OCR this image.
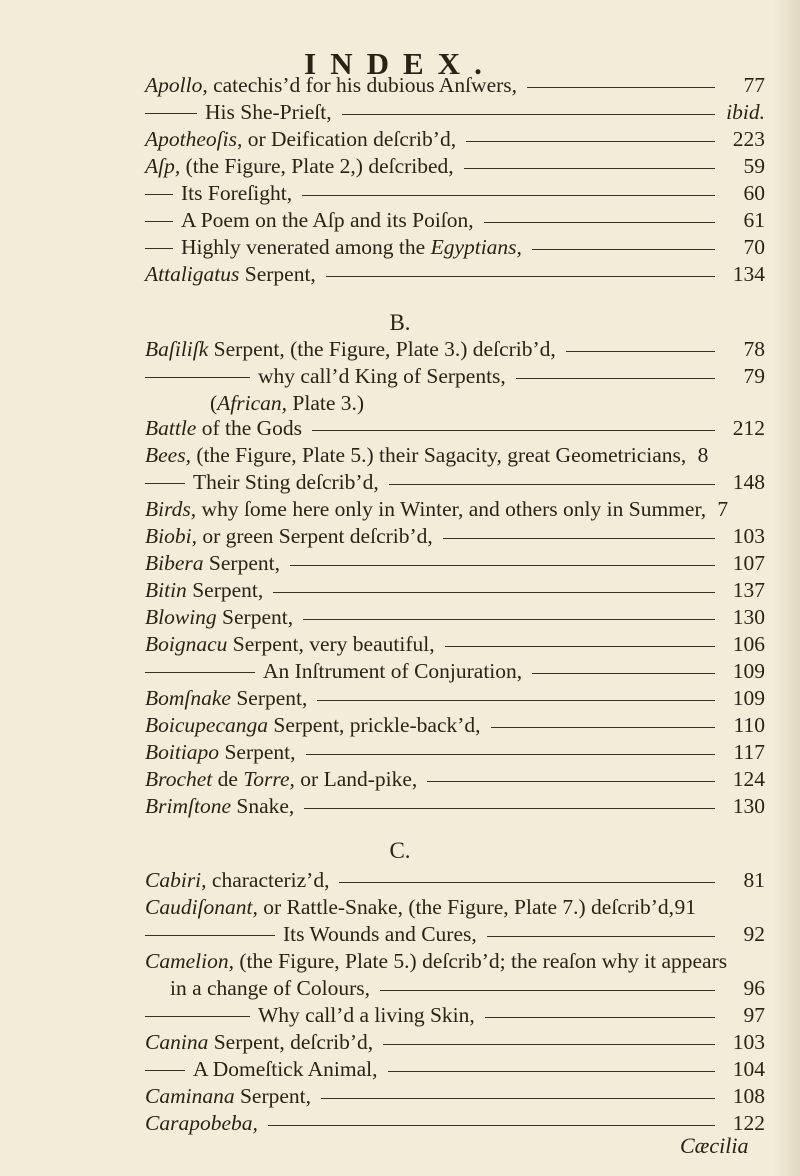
INDEX.
Apollo, catechis’d for his dubious Anſwers,	77
His She-Prieſt,	ibid.
Apotheoſis, or Deification deſcrib’d,	223
Aſp, (the Figure, Plate 2,) deſcribed,	59
Its Foreſight,	60
A Poem on the Aſp and its Poiſon,	61
Highly venerated among the Egyptians,	70
Attaligatus Serpent,	134
B.
Baſiliſk Serpent, (the Figure, Plate 3.) deſcrib’d,	78
why call’d King of Serpents,	79
(African, Plate 3.)
Battle of the Gods	212
Bees, (the Figure, Plate 5.) their Sagacity, great Geometricians, 8
Their Sting deſcrib’d,	148
Birds, why ſome here only in Winter, and others only in Summer, 7
Biobi, or green Serpent deſcrib’d,	103
Bibera Serpent,	107
Bitin Serpent,	137
Blowing Serpent,	130
Boignacu Serpent, very beautiful,	106
An Inſtrument of Conjuration,	109
Bomſnake Serpent,	109
Boicupecanga Serpent, prickle-back’d,	110
Boitiapo Serpent,	117
Brochet de Torre, or Land-pike,	124
Brimſtone Snake,	130
C.
Cabiri, characteriz’d,	81
Caudiſonant, or Rattle-Snake, (the Figure, Plate 7.) deſcrib’d, 91
Its Wounds and Cures,	92
Camelion, (the Figure, Plate 5.) deſcrib’d; the reaſon why it appears
in a change of Colours,	96
Why call’d a living Skin,	97
Canina Serpent, deſcrib’d,	103
A Domeſtick Animal,	104
Caminana Serpent,	108
Carapobeba,	122
Cæcilia
